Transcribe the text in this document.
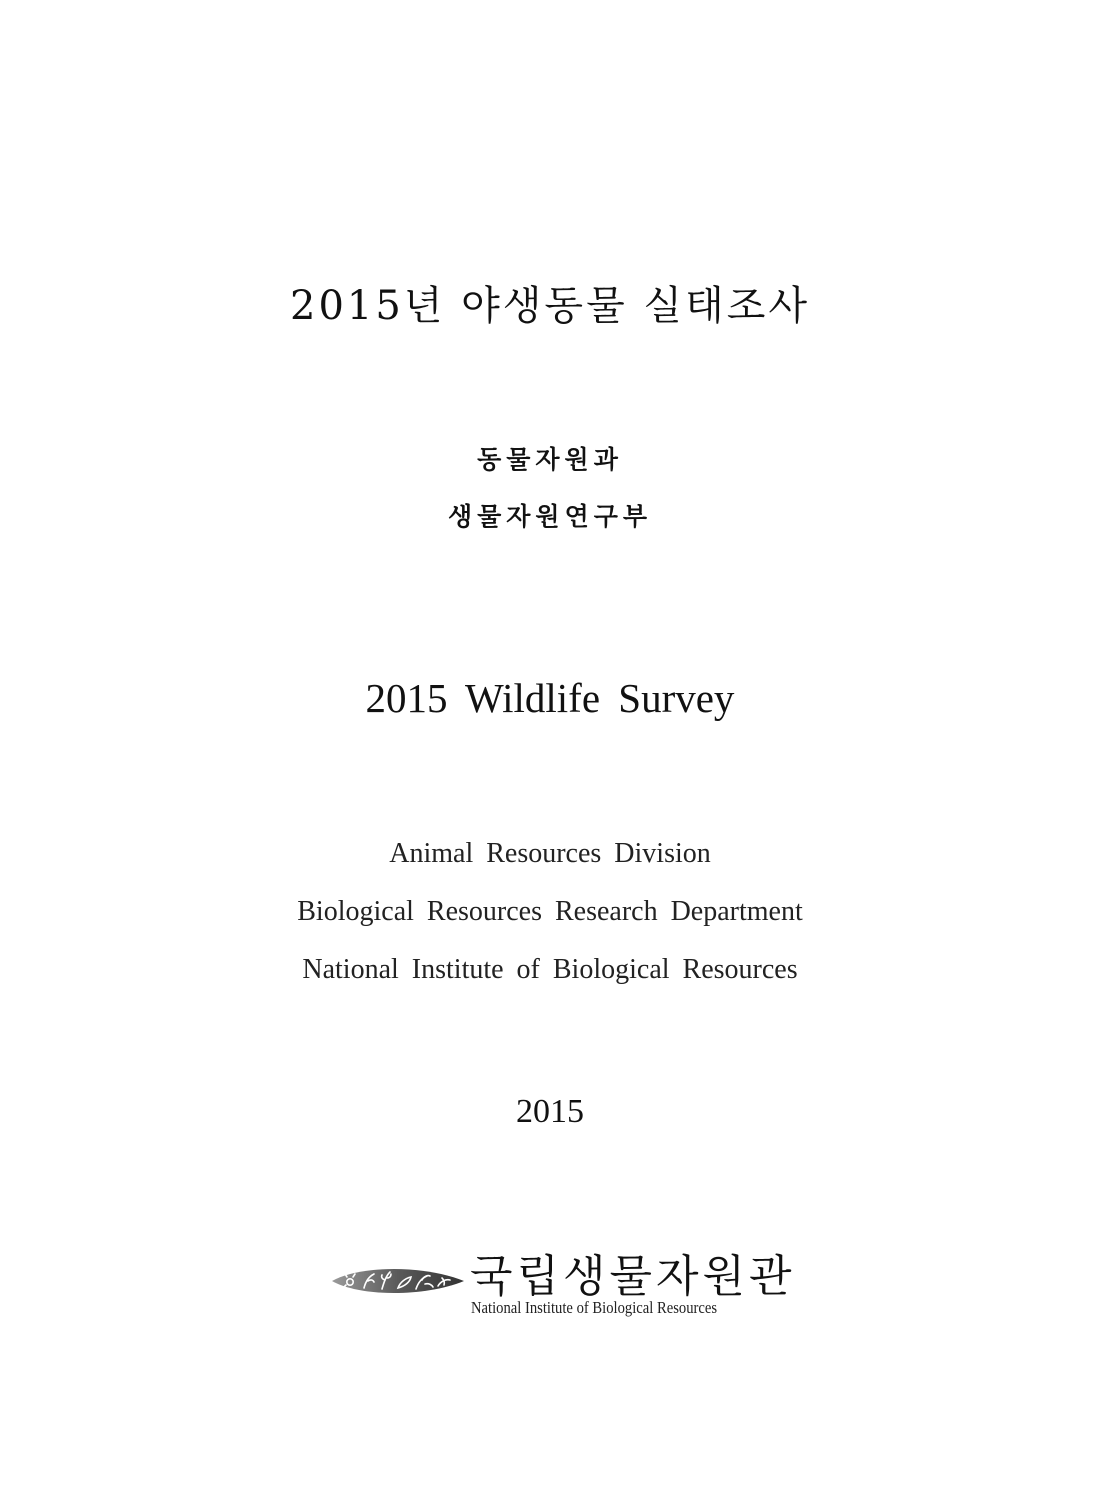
2015년 야생동물 실태조사
동물자원과
생물자원연구부
2015 Wildlife Survey
Animal Resources Division
Biological Resources Research Department
National Institute of Biological Resources
2015
국립생물자원관
National Institute of Biological Resources
